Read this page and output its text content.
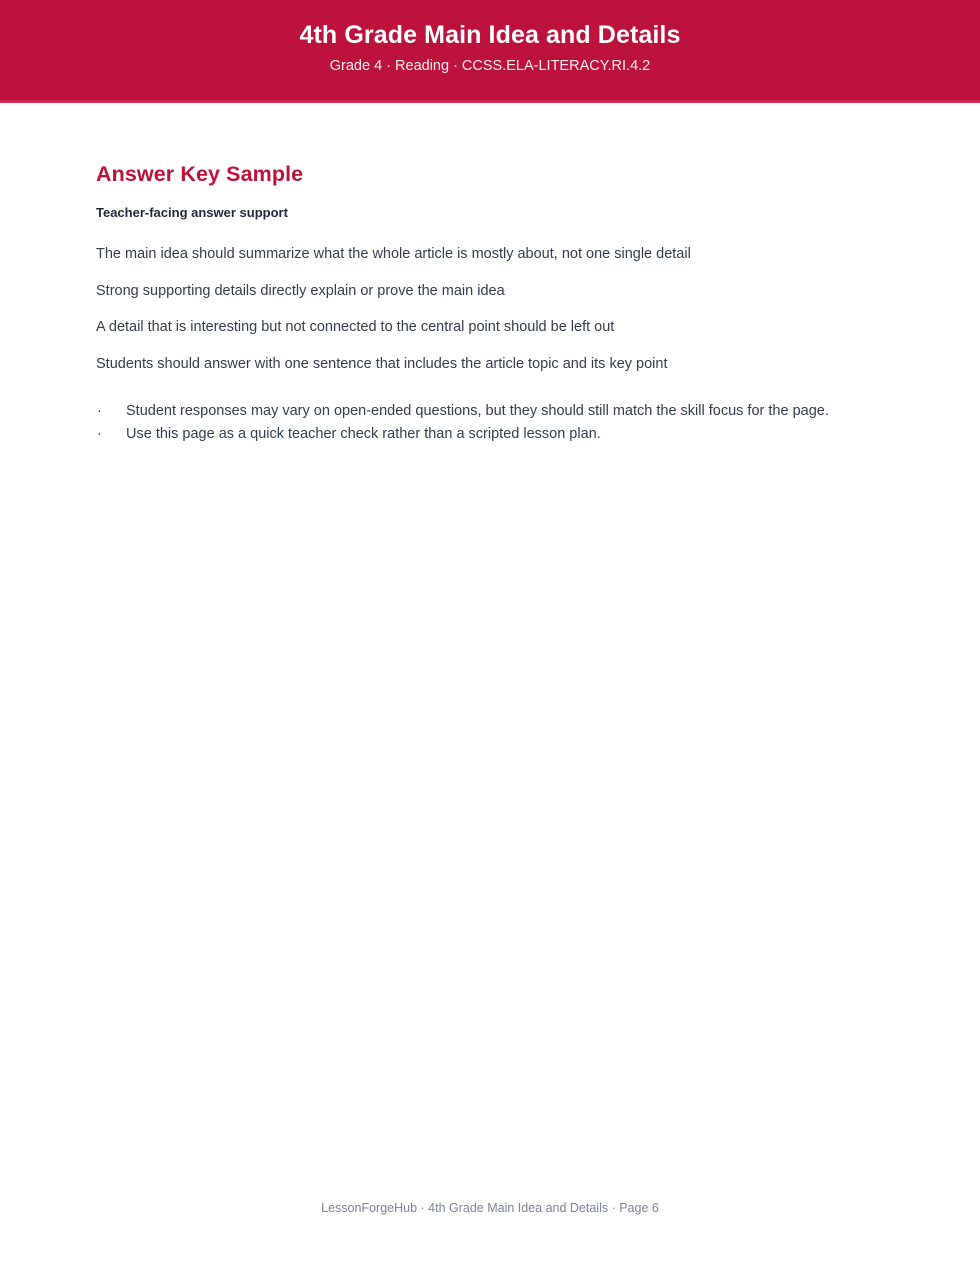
4th Grade Main Idea and Details

Grade 4 · Reading · CCSS.ELA-LITERACY.RI.4.2

Answer Key Sample

Teacher-facing answer support

The main idea should summarize what the whole article is mostly about, not one single detail
Strong supporting details directly explain or prove the main idea
A detail that is interesting but not connected to the central point should be left out
Students should answer with one sentence that includes the article topic and its key point
· Student responses may vary on open-ended questions, but they should still match the skill focus for the page.
· Use this page as a quick teacher check rather than a scripted lesson plan.

LessonForgeHub · 4th Grade Main Idea and Details · Page 6
